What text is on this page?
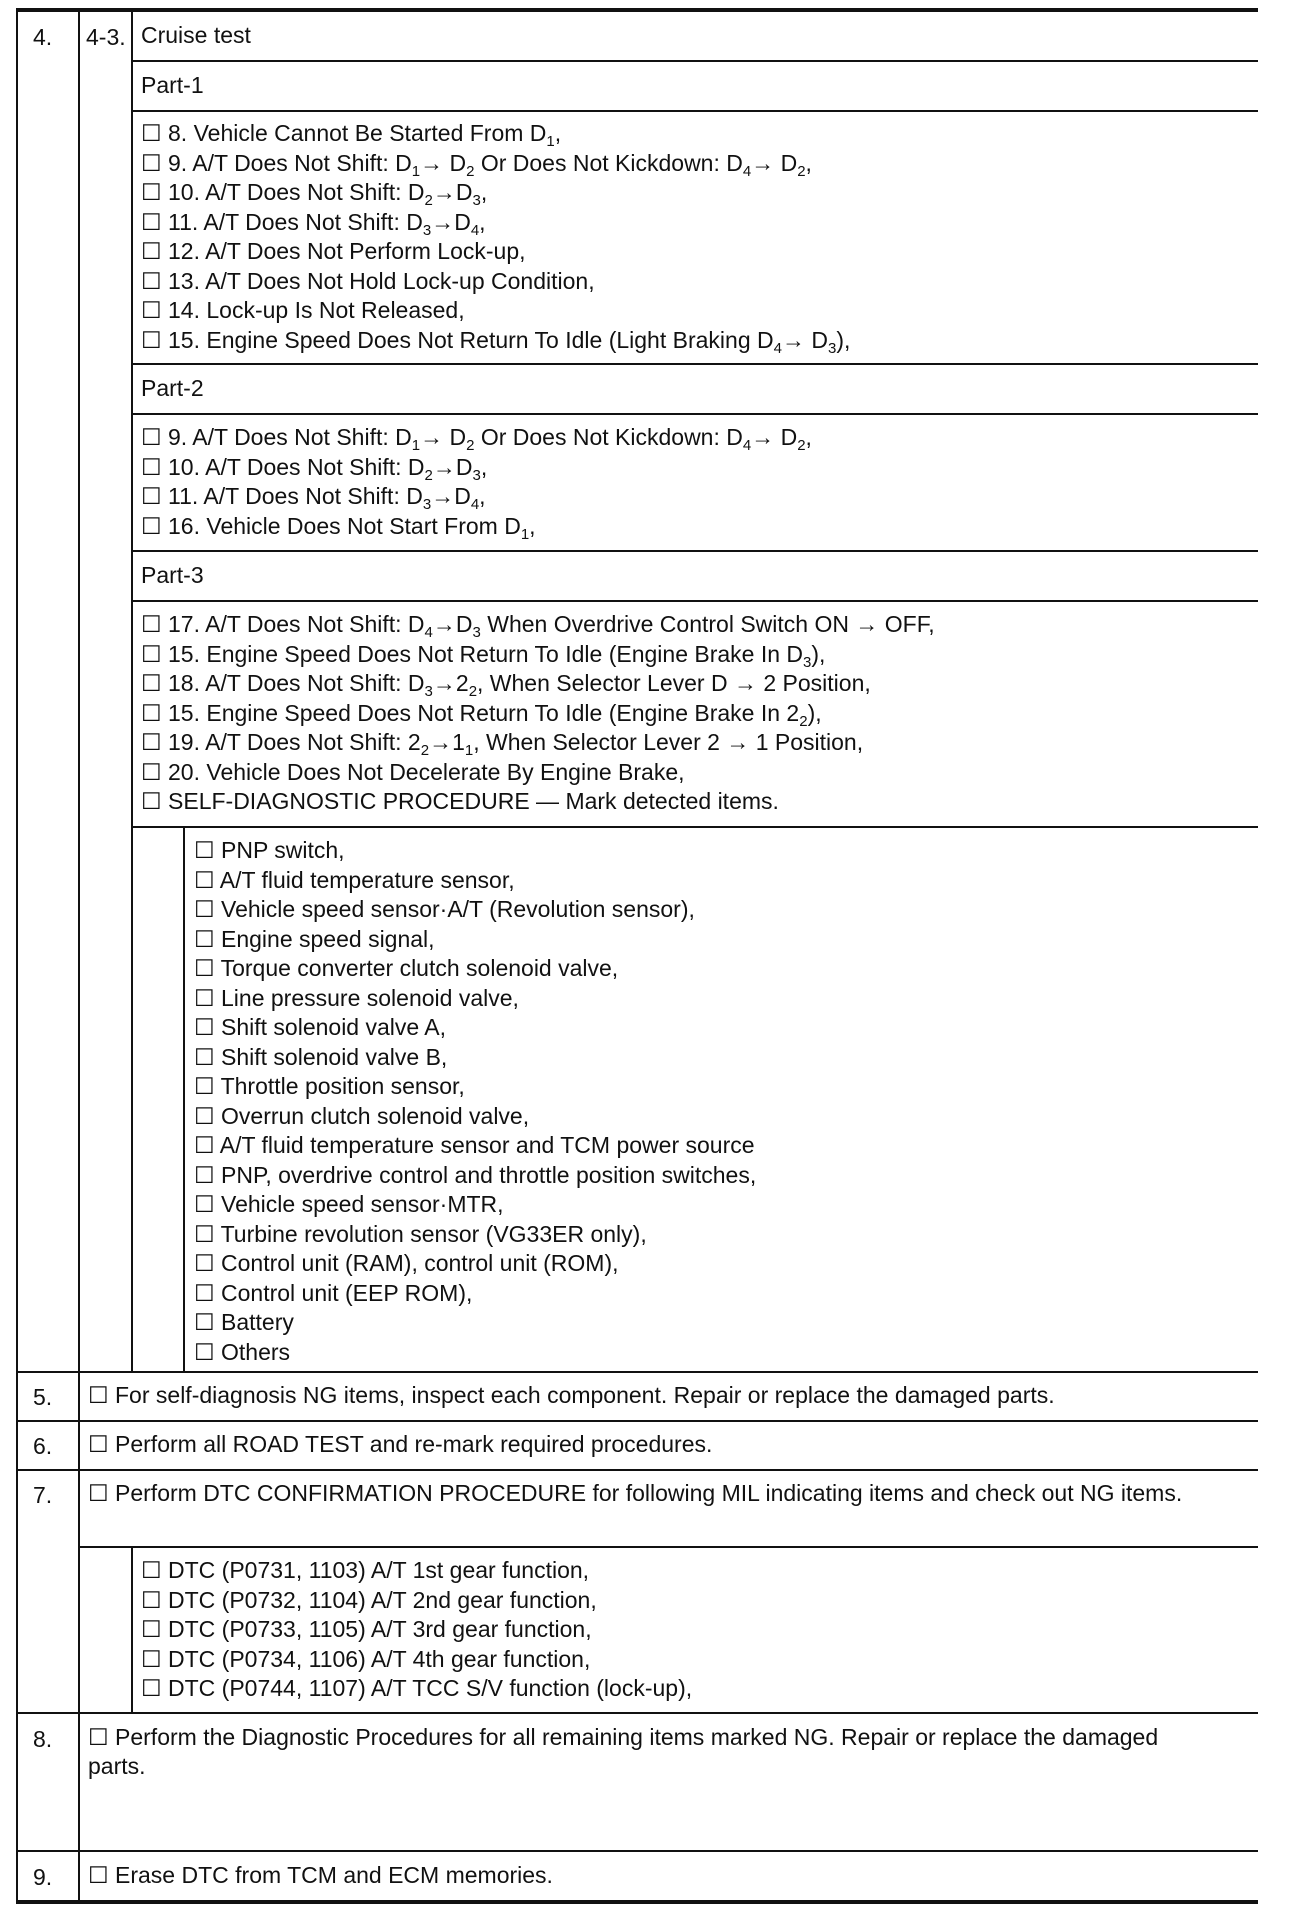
4. 4-3. Cruise test
Part-1
☐ 8. Vehicle Cannot Be Started From $D_1$,
☐ 9. A/T Does Not Shift: $D_1\to D_2$ Or Does Not Kickdown: $D_4\to D_2$,
☐ 10. A/T Does Not Shift: $D_2\to D_3$,
☐ 11. A/T Does Not Shift: $D_3\to D_4$,
☐ 12. A/T Does Not Perform Lock-up,
☐ 13. A/T Does Not Hold Lock-up Condition,
☐ 14. Lock-up Is Not Released,
☐ 15. Engine Speed Does Not Return To Idle (Light Braking $D_4\to D_3$),
Part-2
☐ 9. A/T Does Not Shift: $D_1\to D_2$ Or Does Not Kickdown: $D_4\to D_2$,
☐ 10. A/T Does Not Shift: $D_2\to D_3$,
☐ 11. A/T Does Not Shift: $D_3\to D_4$,
☐ 16. Vehicle Does Not Start From $D_1$,
Part-3
☐ 17. A/T Does Not Shift: $D_4\to D_3$ When Overdrive Control Switch ON → OFF,
☐ 15. Engine Speed Does Not Return To Idle (Engine Brake In $D_3$),
☐ 18. A/T Does Not Shift: $D_3\to 2_2$, When Selector Lever D → 2 Position,
☐ 15. Engine Speed Does Not Return To Idle (Engine Brake In $2_2$),
☐ 19. A/T Does Not Shift: $2_2\to 1_1$, When Selector Lever 2 → 1 Position,
☐ 20. Vehicle Does Not Decelerate By Engine Brake,
☐ SELF-DIAGNOSTIC PROCEDURE — Mark detected items.
☐ PNP switch,
☐ A/T fluid temperature sensor,
☐ Vehicle speed sensor·A/T (Revolution sensor),
☐ Engine speed signal,
☐ Torque converter clutch solenoid valve,
☐ Line pressure solenoid valve,
☐ Shift solenoid valve A,
☐ Shift solenoid valve B,
☐ Throttle position sensor,
☐ Overrun clutch solenoid valve,
☐ A/T fluid temperature sensor and TCM power source
☐ PNP, overdrive control and throttle position switches,
☐ Vehicle speed sensor·MTR,
☐ Turbine revolution sensor (VG33ER only),
☐ Control unit (RAM), control unit (ROM),
☐ Control unit (EEP ROM),
☐ Battery
☐ Others
5. ☐ For self-diagnosis NG items, inspect each component. Repair or replace the damaged parts.
6. ☐ Perform all ROAD TEST and re-mark required procedures.
7. ☐ Perform DTC CONFIRMATION PROCEDURE for following MIL indicating items and check out NG items.
☐ DTC (P0731, 1103) A/T 1st gear function,
☐ DTC (P0732, 1104) A/T 2nd gear function,
☐ DTC (P0733, 1105) A/T 3rd gear function,
☐ DTC (P0734, 1106) A/T 4th gear function,
☐ DTC (P0744, 1107) A/T TCC S/V function (lock-up),
8. ☐ Perform the Diagnostic Procedures for all remaining items marked NG. Repair or replace the damaged
parts.
9. ☐ Erase DTC from TCM and ECM memories.
